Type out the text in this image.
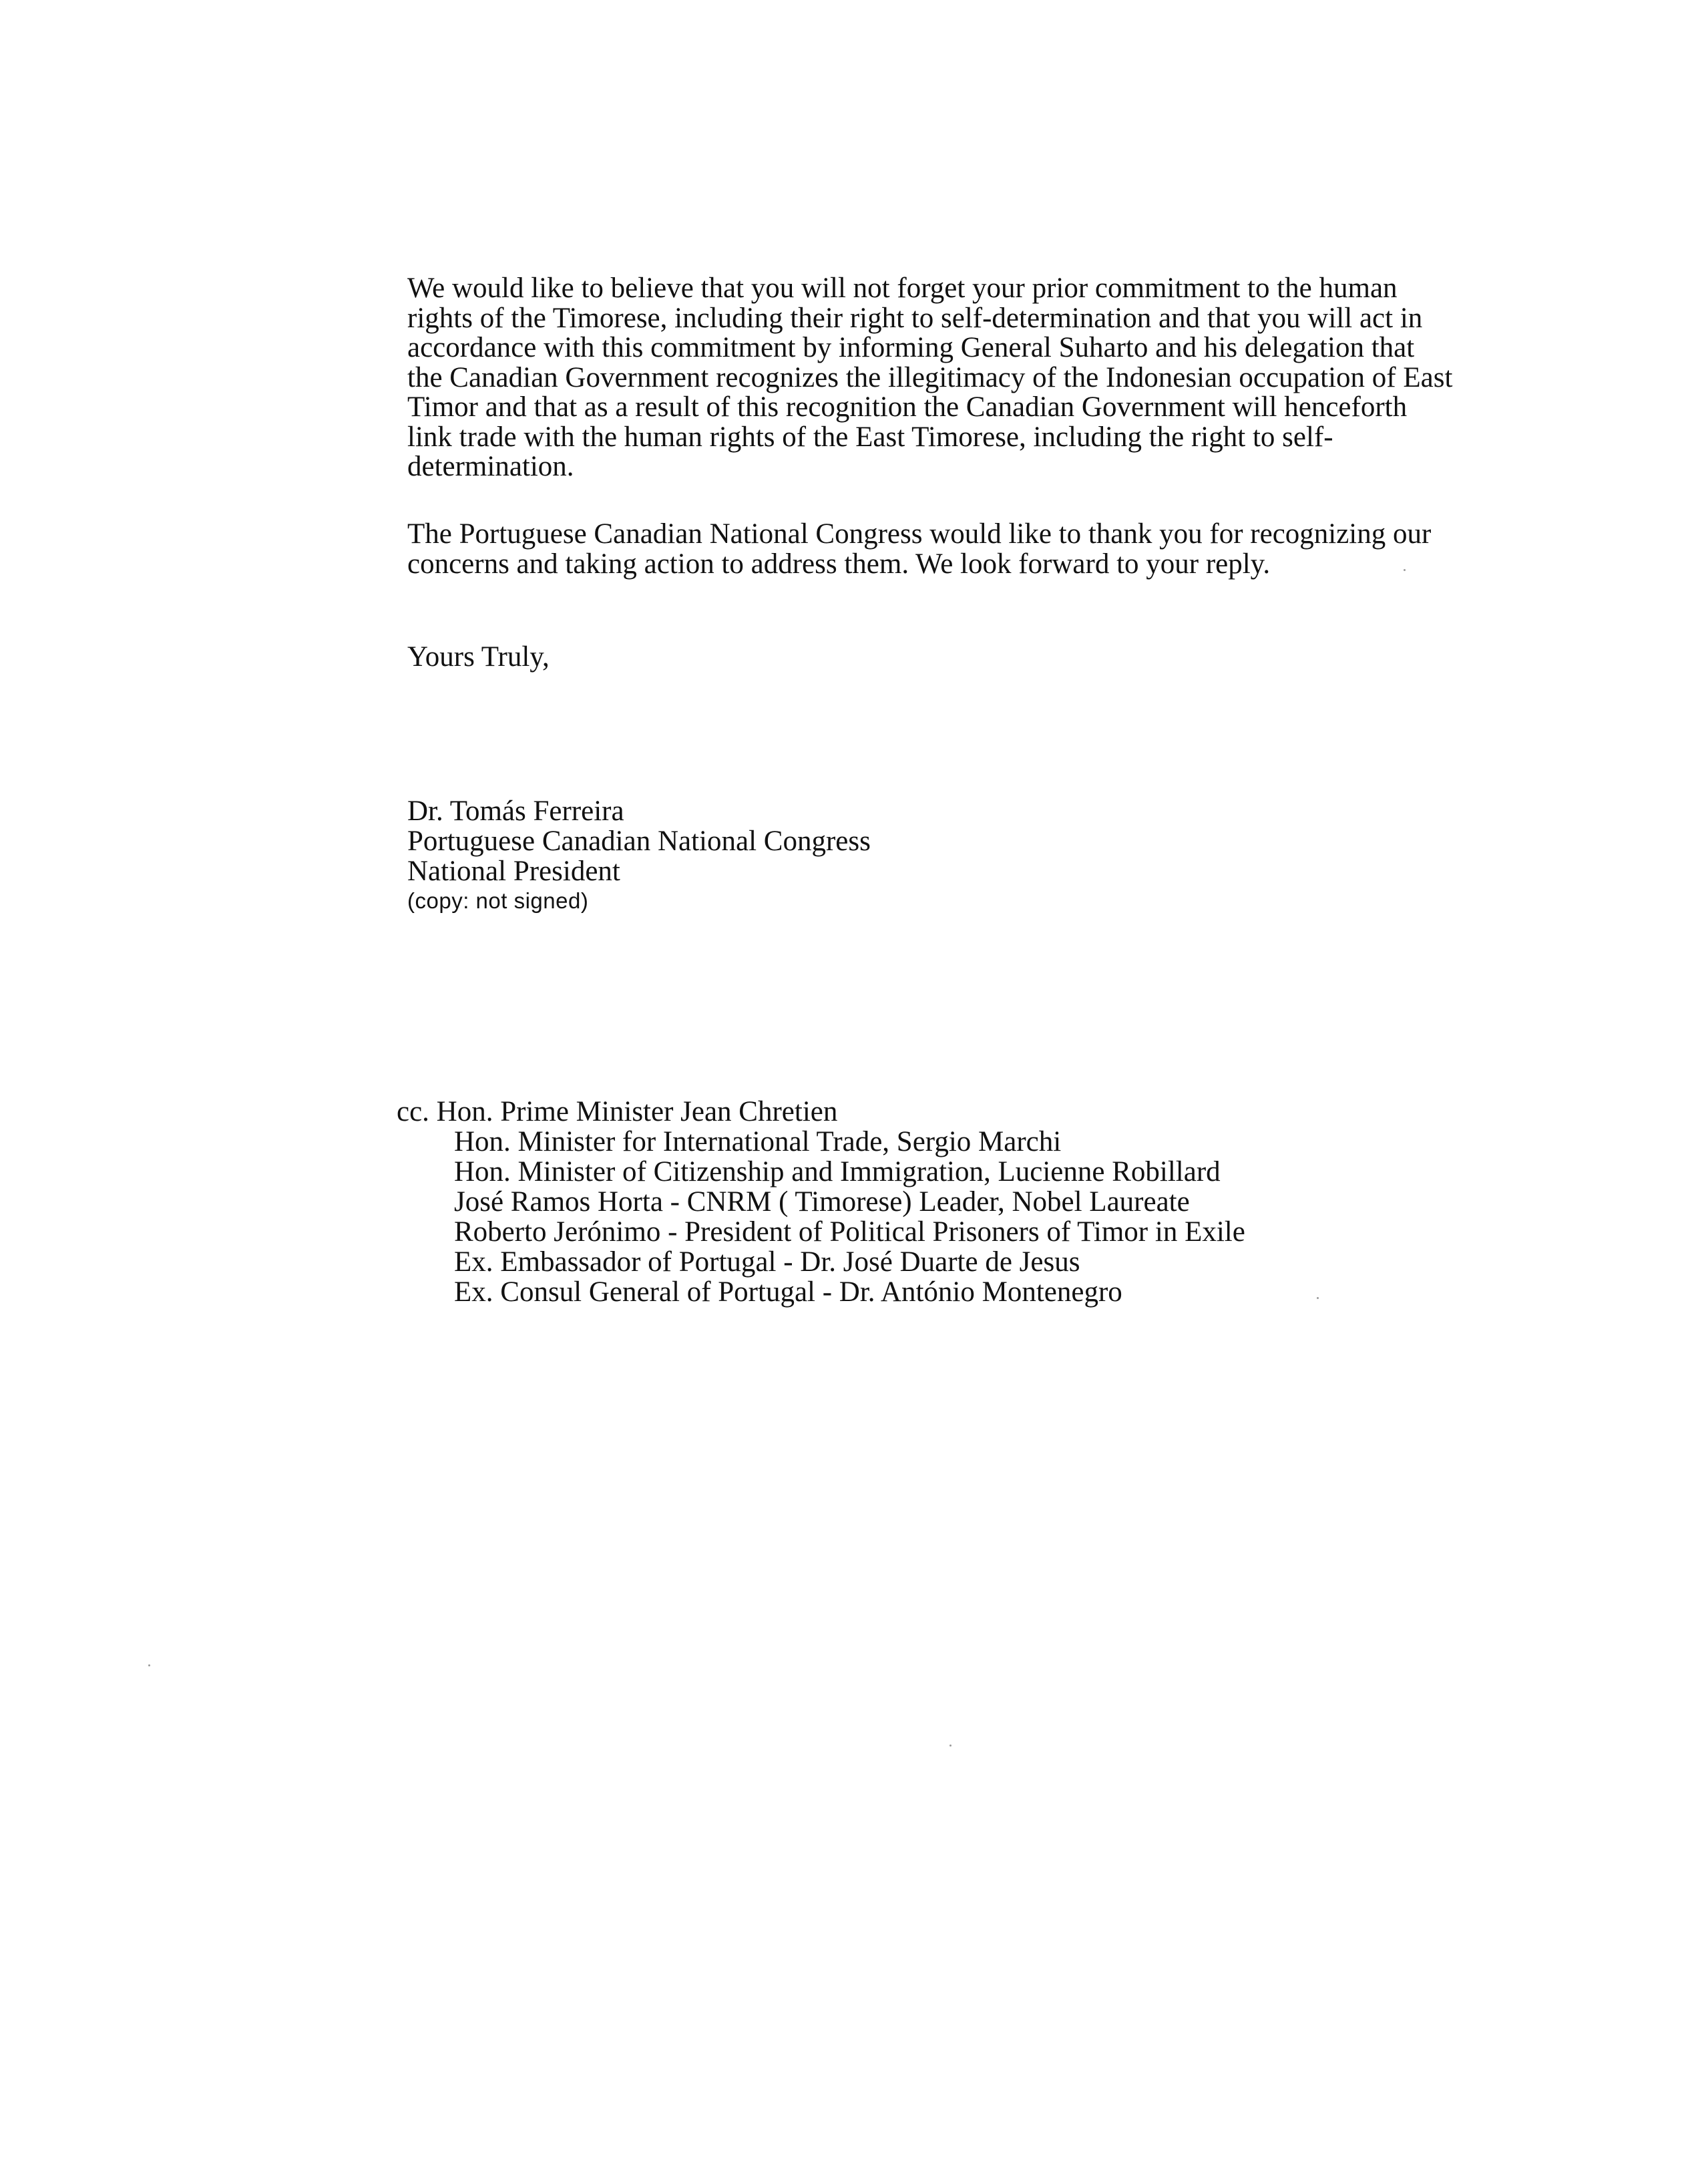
We would like to believe that you will not forget your prior commitment to the human
rights of the Timorese, including their right to self-determination and that you will act in
accordance with this commitment by informing General Suharto and his delegation that
the Canadian Government recognizes the illegitimacy of the Indonesian occupation of East
Timor and that as a result of this recognition the Canadian Government will henceforth
link trade with the human rights of the East Timorese, including the right to self-
determination.

The Portuguese Canadian National Congress would like to thank you for recognizing our
concerns and taking action to address them. We look forward to your reply.

Yours Truly,

Dr. Tomás Ferreira
Portuguese Canadian National Congress
National President
(copy: not signed)
cc. Hon. Prime Minister Jean Chretien
Hon. Minister for International Trade, Sergio Marchi
Hon. Minister of Citizenship and Immigration, Lucienne Robillard
José Ramos Horta - CNRM ( Timorese) Leader, Nobel Laureate
Roberto Jerónimo - President of Political Prisoners of Timor in Exile
Ex. Embassador of Portugal - Dr. José Duarte de Jesus
Ex. Consul General of Portugal - Dr. António Montenegro
